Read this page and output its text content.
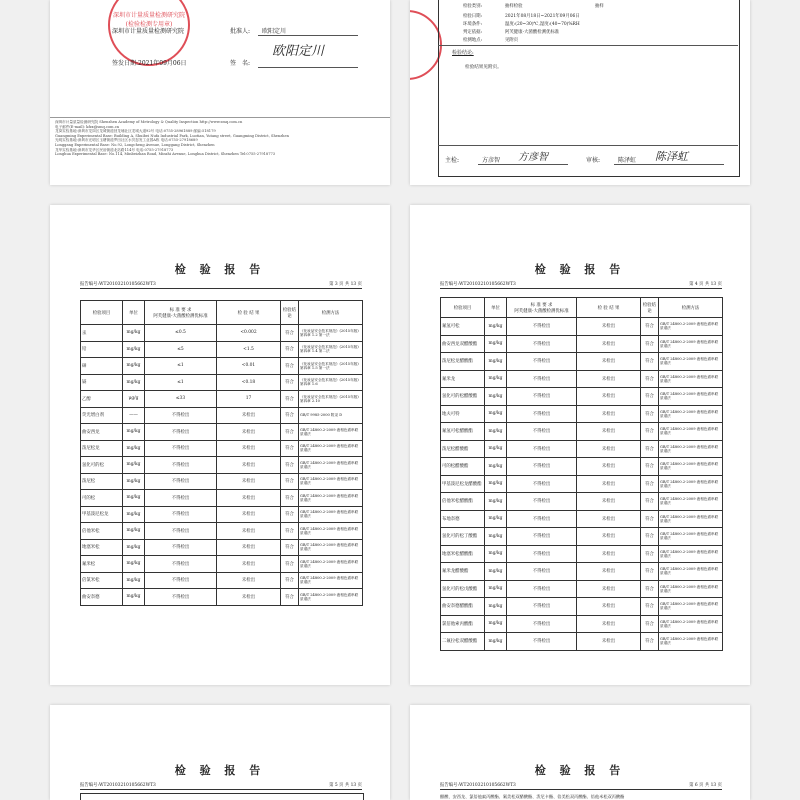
深圳市计量质量检测研究院
(检验检测专用章)
深圳市计量质量检测研究院	批准人: 欧阳定川
签发日期:2021年09月06日	签　名:
欧阳定川
深圳市计量质量检测研究院 Shenzhen Academy of Metrology & Quality Inspection http://www.smq.com.cn
电子邮件(E-mail): kfzx@smq.com.cn
龙岗实验基地:深圳市龙岗区龙城街道回龙埔社区龙城大道92号 电话:0755-28961889 邮编:518179
Guangming Experimental Base: Building A, Shuibei Nufa Industrial Park, Luotian, Yutang street, Guangming District, Shenzhen
光明实验基地:深圳市光明区玉塘街道罗田社区水贝怒发工业园A栋 电话:0755-27918689
Longgang Experimental Base: No.92, Longcheng Avenue, Longgang District, Shenzhen
龙华实验基地:深圳市龙华区民治街道北站路114号 电话:0755-27918773
Longhua Experimental Base: No.114, Minbeizhan Road, Minzhi Avenue, Longhua District, Shenzhen Tel:0755-27918773
检验类别:	抽样检验	抽样
检验日期:	2021年08月18日~2021年09月06日
环境条件:	温度:(20~30)℃,湿度:(40~70)%RH
判定依据:	阿芙健康-大菌酸检测优标准
检测地点:	见附页
检验结论:
检验结果见附页。
主检:	方彦智 方彦智	审核:	陈泽虹 陈泽虹
检 验 报 告
报告编号:WT20103210105662WT3	第 3 页 共 13 页
检验项目	单位	标 准 要 求
阿芙健康-大菌酸检测优标准	检 验 结 果	检验结论	检测方法
汞	mg/kg	≤0.5	<0.002	符合	《化妆品安全技术规范》(2015年版)第四章 1.2 第一法
铅	mg/kg	≤5	<1.5	符合	《化妆品安全技术规范》(2015年版)第四章 1.4 第二法
砷	mg/kg	≤1	<0.01	符合	《化妆品安全技术规范》(2015年版)第四章 1.5 第一法
镉	mg/kg	≤1	<0.18	符合	《化妆品安全技术规范》(2015年版)第四章 1.6
乙醇	μg/g	≤33	17	符合	《化妆品安全技术规范》(2015年版)第四章 2.10
荧光增白剂	——	不得检出	未检出	符合	GB/T 9985-2000 附录 D
曲安西龙	mg/kg	不得检出	未检出	符合	GB/T 24800.2-2009 液相色谱串联质谱法
泼尼松龙	mg/kg	不得检出	未检出	符合	GB/T 24800.2-2009 液相色谱串联质谱法
氢化可的松	mg/kg	不得检出	未检出	符合	GB/T 24800.2-2009 液相色谱串联质谱法
泼尼松	mg/kg	不得检出	未检出	符合	GB/T 24800.2-2009 液相色谱串联质谱法
可的松	mg/kg	不得检出	未检出	符合	GB/T 24800.2-2009 液相色谱串联质谱法
甲基泼尼松龙	mg/kg	不得检出	未检出	符合	GB/T 24800.2-2009 液相色谱串联质谱法
倍他米松	mg/kg	不得检出	未检出	符合	GB/T 24800.2-2009 液相色谱串联质谱法
地塞米松	mg/kg	不得检出	未检出	符合	GB/T 24800.2-2009 液相色谱串联质谱法
氟米松	mg/kg	不得检出	未检出	符合	GB/T 24800.2-2009 液相色谱串联质谱法
倍氯米松	mg/kg	不得检出	未检出	符合	GB/T 24800.2-2009 液相色谱串联质谱法
曲安奈德	mg/kg	不得检出	未检出	符合	GB/T 24800.2-2009 液相色谱串联质谱法
检 验 报 告
报告编号:WT20103210105662WT3	第 4 页 共 13 页
检验项目	单位	标 准 要 求
阿芙健康-大菌酸检测优标准	检 验 结 果	检验结论	检测方法
氟氢可松	mg/kg	不得检出	未检出	符合	GB/T 24800.2-2009 液相色谱串联质谱法
曲安西龙双醋酸酯	mg/kg	不得检出	未检出	符合	GB/T 24800.2-2009 液相色谱串联质谱法
泼尼松龙醋酸酯	mg/kg	不得检出	未检出	符合	GB/T 24800.2-2009 液相色谱串联质谱法
氟米龙	mg/kg	不得检出	未检出	符合	GB/T 24800.2-2009 液相色谱串联质谱法
氢化可的松醋酸酯	mg/kg	不得检出	未检出	符合	GB/T 24800.2-2009 液相色谱串联质谱法
地夫可特	mg/kg	不得检出	未检出	符合	GB/T 24800.2-2009 液相色谱串联质谱法
氟氢可松醋酸酯	mg/kg	不得检出	未检出	符合	GB/T 24800.2-2009 液相色谱串联质谱法
泼尼松醋酸酯	mg/kg	不得检出	未检出	符合	GB/T 24800.2-2009 液相色谱串联质谱法
可的松醋酸酯	mg/kg	不得检出	未检出	符合	GB/T 24800.2-2009 液相色谱串联质谱法
甲基泼尼松龙醋酸酯	mg/kg	不得检出	未检出	符合	GB/T 24800.2-2009 液相色谱串联质谱法
倍他米松醋酸酯	mg/kg	不得检出	未检出	符合	GB/T 24800.2-2009 液相色谱串联质谱法
布地奈德	mg/kg	不得检出	未检出	符合	GB/T 24800.2-2009 液相色谱串联质谱法
氢化可的松丁酸酯	mg/kg	不得检出	未检出	符合	GB/T 24800.2-2009 液相色谱串联质谱法
地塞米松醋酸酯	mg/kg	不得检出	未检出	符合	GB/T 24800.2-2009 液相色谱串联质谱法
氟米龙醋酸酯	mg/kg	不得检出	未检出	符合	GB/T 24800.2-2009 液相色谱串联质谱法
氢化可的松戊酸酯	mg/kg	不得检出	未检出	符合	GB/T 24800.2-2009 液相色谱串联质谱法
曲安奈德醋酸酯	mg/kg	不得检出	未检出	符合	GB/T 24800.2-2009 液相色谱串联质谱法
氯倍他索丙酸酯	mg/kg	不得检出	未检出	符合	GB/T 24800.2-2009 液相色谱串联质谱法
二氟拉松双醋酸酯	mg/kg	不得检出	未检出	符合	GB/T 24800.2-2009 液相色谱串联质谱法
检 验 报 告
报告编号:WT20103210105662WT3	第 5 页 共 13 页
检 验 报 告
报告编号:WT20103210105662WT3	第 6 页 共 13 页
醋酸、安西龙、氯倍他索丙酸酯、氟美松双醋酸酯、泼尼卡酯、倍美松双丙酸酯、倍他米松双丙酸酯
